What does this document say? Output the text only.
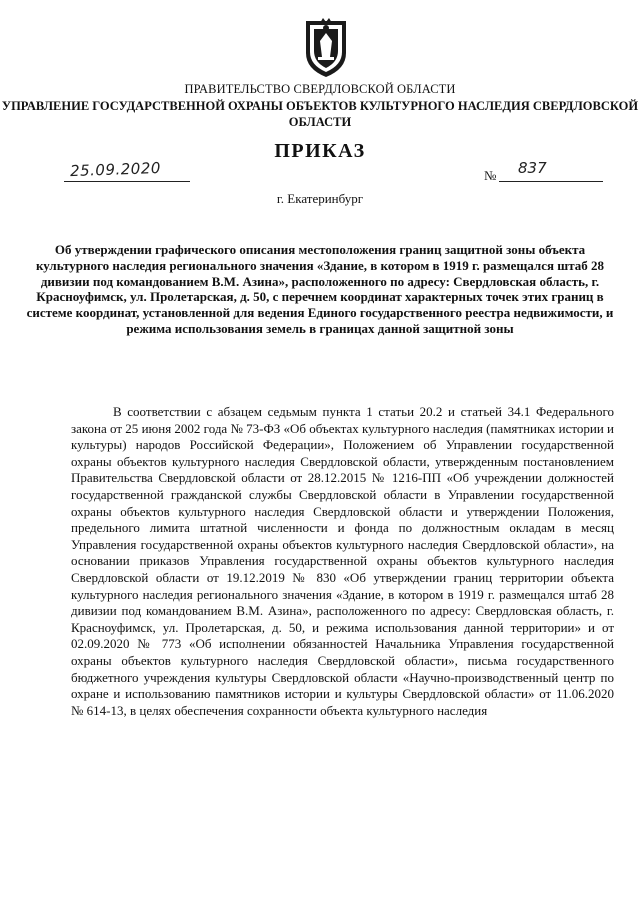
ПРАВИТЕЛЬСТВО СВЕРДЛОВСКОЙ ОБЛАСТИ
УПРАВЛЕНИЕ ГОСУДАРСТВЕННОЙ ОХРАНЫ ОБЪЕКТОВ КУЛЬТУРНОГО НАСЛЕДИЯ СВЕРДЛОВСКОЙ ОБЛАСТИ
ПРИКАЗ
25.09.2020	№ 837
г. Екатеринбург
Об утверждении графического описания местоположения границ защитной зоны объекта культурного наследия регионального значения «Здание, в котором в 1919 г. размещался штаб 28 дивизии под командованием В.М. Азина», расположенного по адресу: Свердловская область, г. Красноуфимск, ул. Пролетарская, д. 50, с перечнем координат характерных точек этих границ в системе координат, установленной для ведения Единого государственного реестра недвижимости, и режима использования земель в границах данной защитной зоны

В соответствии с абзацем седьмым пункта 1 статьи 20.2 и статьей 34.1 Федерального закона от 25 июня 2002 года № 73-ФЗ «Об объектах культурного наследия (памятниках истории и культуры) народов Российской Федерации», Положением об Управлении государственной охраны объектов культурного наследия Свердловской области, утвержденным постановлением Правительства Свердловской области от 28.12.2015 № 1216-ПП «Об учреждении должностей государственной гражданской службы Свердловской области в Управлении государственной охраны объектов культурного наследия Свердловской области и утверждении Положения, предельного лимита штатной численности и фонда по должностным окладам в месяц Управления государственной охраны объектов культурного наследия Свердловской области», на основании приказов Управления государственной охраны объектов культурного наследия Свердловской области от 19.12.2019 № 830 «Об утверждении границ территории объекта культурного наследия регионального значения «Здание, в котором в 1919 г. размещался штаб 28 дивизии под командованием В.М. Азина», расположенного по адресу: Свердловская область, г. Красноуфимск, ул. Пролетарская, д. 50, и режима использования данной территории» и от 02.09.2020 № 773 «Об исполнении обязанностей Начальника Управления государственной охраны объектов культурного наследия Свердловской области», письма государственного бюджетного учреждения культуры Свердловской области «Научно-производственный центр по охране и использованию памятников истории и культуры Свердловской области» от 11.06.2020 № 614-13, в целях обеспечения сохранности объекта культурного наследия
